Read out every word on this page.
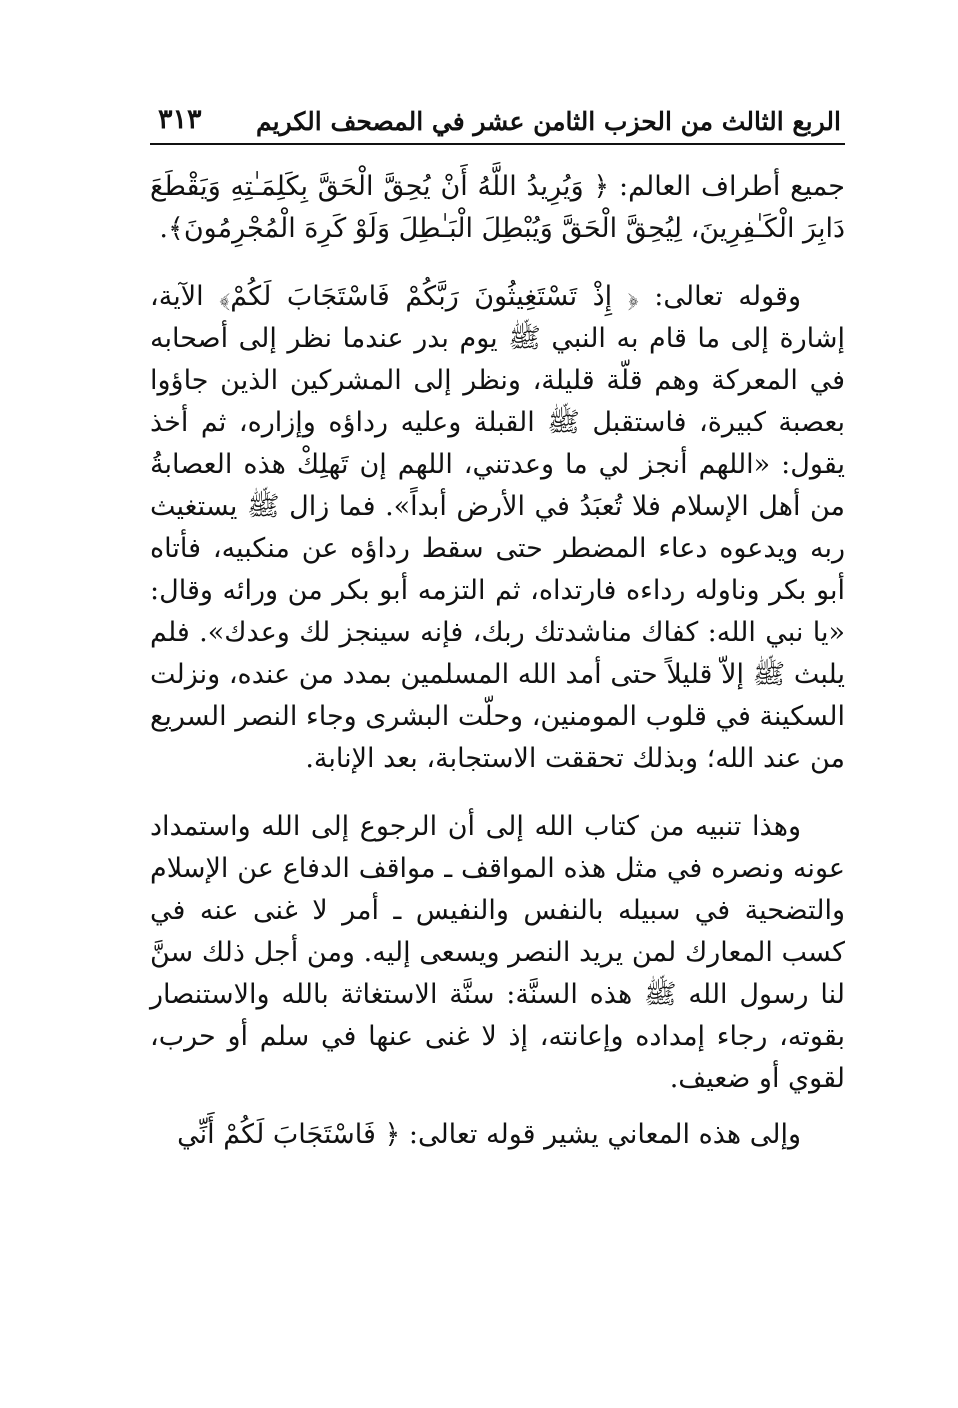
الربع الثالث من الحزب الثامن عشر في المصحف الكريم
٣١٣

جميع أطراف العالم: ﴿ وَيُرِيدُ اللَّهُ أَنْ يُحِقَّ الْحَقَّ بِكَلِمَـٰتِهِ وَيَقْطَعَ دَابِرَ الْكَـٰفِرِينَ، لِيُحِقَّ الْحَقَّ وَيُبْطِلَ الْبَـٰطِلَ وَلَوْ كَرِهَ الْمُجْرِمُونَ﴾.

وقوله تعالى: ﴿ إِذْ تَسْتَغِيثُونَ رَبَّكُمْ فَاسْتَجَابَ لَكُمْ﴾ الآية، إشارة إلى ما قام به النبي ﷺ يوم بدر عندما نظر إلى أصحابه في المعركة وهم قلّة قليلة، ونظر إلى المشركين الذين جاؤوا بعصبة كبيرة، فاستقبل ﷺ القبلة وعليه رداؤه وإزاره، ثم أخذ يقول: «اللهم أنجز لي ما وعدتني، اللهم إن تَهلِكْ هذه العصابةُ من أهل الإسلام فلا تُعبَدُ في الأرض أبداً». فما زال ﷺ يستغيث ربه ويدعوه دعاء المضطر حتى سقط رداؤه عن منكبيه، فأتاه أبو بكر وناوله رداءه فارتداه، ثم التزمه أبو بكر من ورائه وقال: «يا نبي الله: كفاك مناشدتك ربك، فإنه سينجز لك وعدك». فلم يلبث ﷺ إلاّ قليلاً حتى أمد الله المسلمين بمدد من عنده، ونزلت السكينة في قلوب المومنين، وحلّت البشرى وجاء النصر السريع من عند الله؛ وبذلك تحققت الاستجابة، بعد الإنابة.

وهذا تنبيه من كتاب الله إلى أن الرجوع إلى الله واستمداد عونه ونصره في مثل هذه المواقف ـ مواقف الدفاع عن الإسلام والتضحية في سبيله بالنفس والنفيس ـ أمر لا غنى عنه في كسب المعارك لمن يريد النصر ويسعى إليه. ومن أجل ذلك سنَّ لنا رسول الله ﷺ هذه السنَّة: سنَّة الاستغاثة بالله والاستنصار بقوته، رجاء إمداده وإعانته، إذ لا غنى عنها في سلم أو حرب، لقوي أو ضعيف.

وإلى هذه المعاني يشير قوله تعالى: ﴿ فَاسْتَجَابَ لَكُمْ أَنِّي
